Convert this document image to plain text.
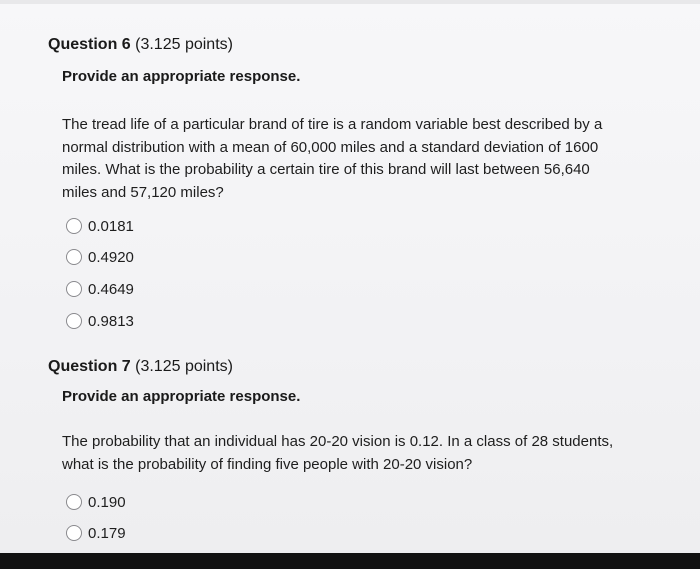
Question 6 (3.125 points)
Provide an appropriate response.
The tread life of a particular brand of tire is a random variable best described by a normal distribution with a mean of 60,000 miles and a standard deviation of 1600 miles. What is the probability a certain tire of this brand will last between 56,640 miles and 57,120 miles?
0.0181
0.4920
0.4649
0.9813
Question 7 (3.125 points)
Provide an appropriate response.
The probability that an individual has 20-20 vision is 0.12. In a class of 28 students, what is the probability of finding five people with 20-20 vision?
0.190
0.179
